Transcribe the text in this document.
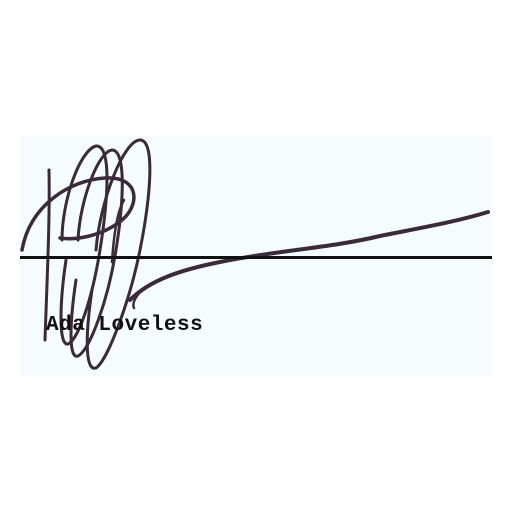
Ada Loveless
